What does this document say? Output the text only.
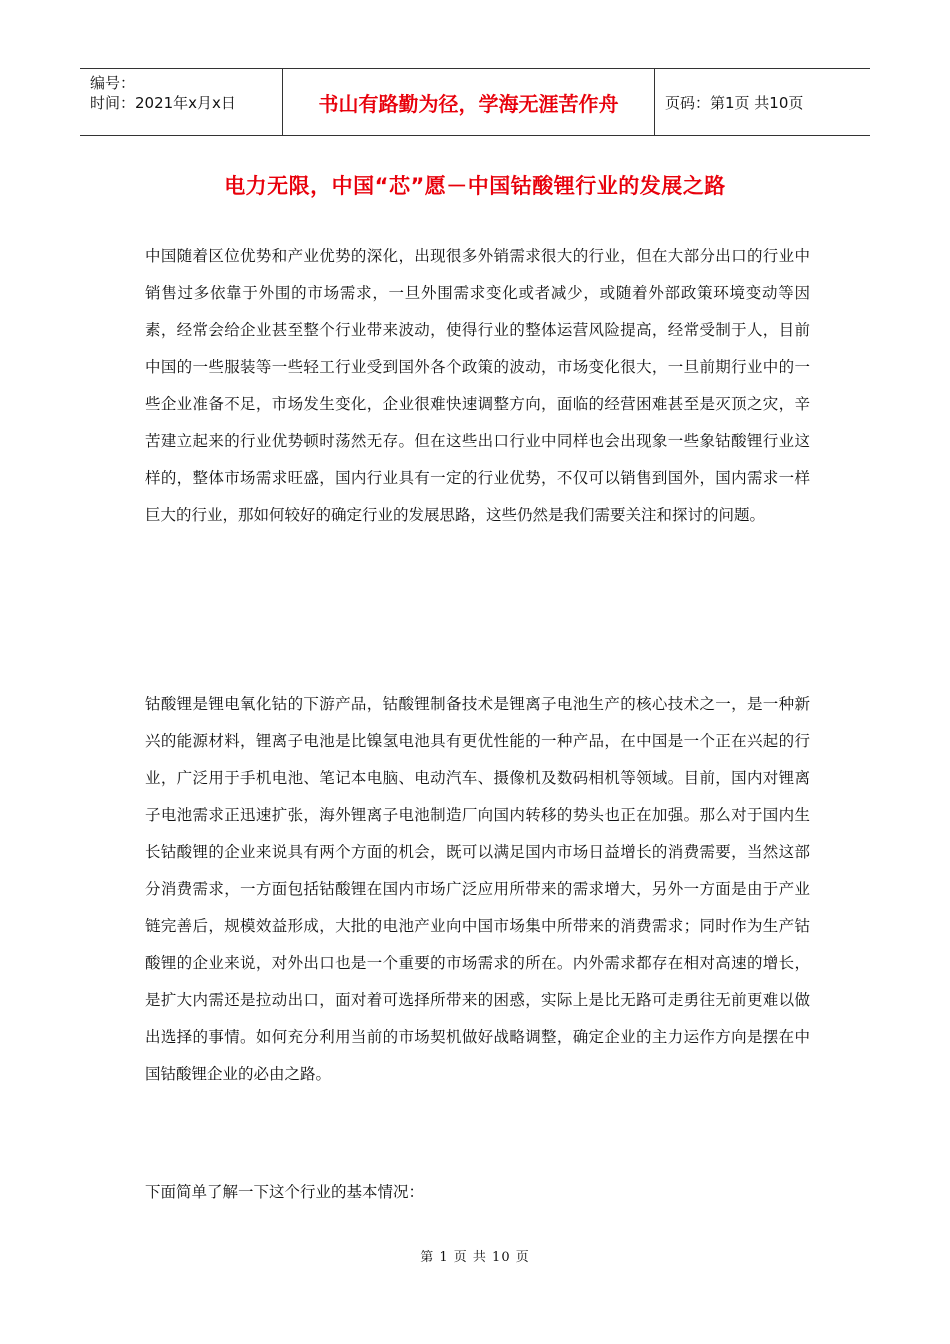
编号：
时间：2021年x月x日	书山有路勤为径，学海无涯苦作舟	页码：第1页 共10页
电力无限，中国“芯”愿－中国钴酸锂行业的发展之路

中国随着区位优势和产业优势的深化，出现很多外销需求很大的行业，但在大部分出口的行业中销售过多依靠于外围的市场需求，一旦外围需求变化或者减少，或随着外部政策环境变动等因素，经常会给企业甚至整个行业带来波动，使得行业的整体运营风险提高，经常受制于人，目前中国的一些服装等一些轻工行业受到国外各个政策的波动，市场变化很大，一旦前期行业中的一些企业准备不足，市场发生变化，企业很难快速调整方向，面临的经营困难甚至是灭顶之灾，辛苦建立起来的行业优势顿时荡然无存。但在这些出口行业中同样也会出现象一些象钴酸锂行业这样的，整体市场需求旺盛，国内行业具有一定的行业优势，不仅可以销售到国外，国内需求一样巨大的行业，那如何较好的确定行业的发展思路，这些仍然是我们需要关注和探讨的问题。

钴酸锂是锂电氧化钴的下游产品，钴酸锂制备技术是锂离子电池生产的核心技术之一，是一种新兴的能源材料，锂离子电池是比镍氢电池具有更优性能的一种产品，在中国是一个正在兴起的行业，广泛用于手机电池、笔记本电脑、电动汽车、摄像机及数码相机等领域。目前，国内对锂离子电池需求正迅速扩张，海外锂离子电池制造厂向国内转移的势头也正在加强。那么对于国内生长钴酸锂的企业来说具有两个方面的机会，既可以满足国内市场日益增长的消费需要，当然这部分消费需求，一方面包括钴酸锂在国内市场广泛应用所带来的需求增大，另外一方面是由于产业链完善后，规模效益形成，大批的电池产业向中国市场集中所带来的消费需求；同时作为生产钴酸锂的企业来说，对外出口也是一个重要的市场需求的所在。内外需求都存在相对高速的增长，是扩大内需还是拉动出口，面对着可选择所带来的困惑，实际上是比无路可走勇往无前更难以做出选择的事情。如何充分利用当前的市场契机做好战略调整，确定企业的主力运作方向是摆在中国钴酸锂企业的必由之路。

下面简单了解一下这个行业的基本情况：

第 1 页 共 10 页
